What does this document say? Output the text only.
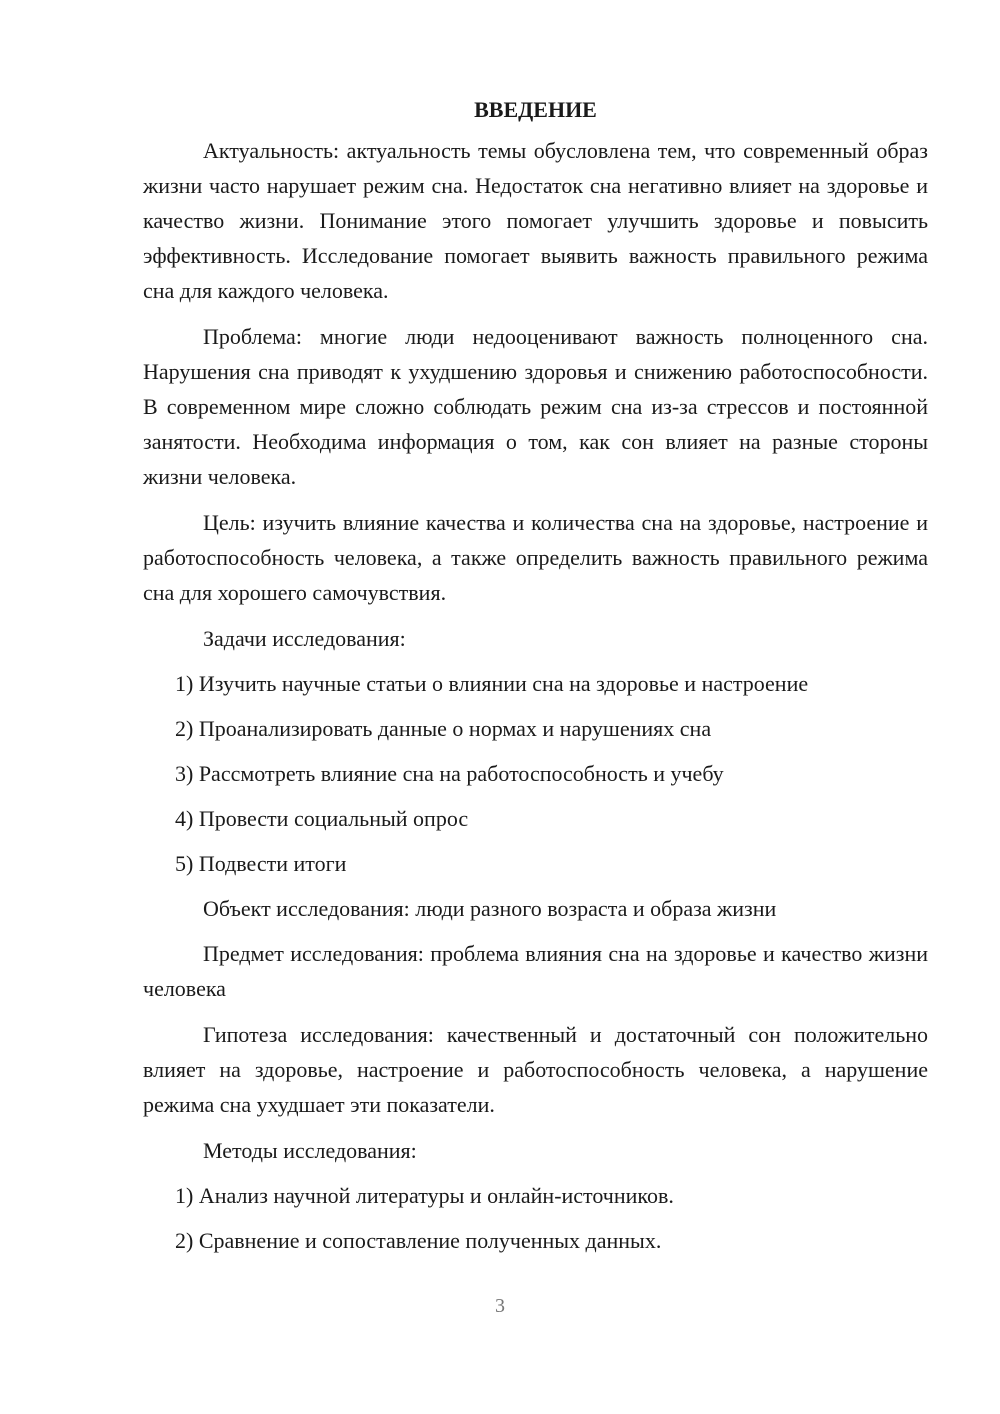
ВВЕДЕНИЕ

Актуальность: актуальность темы обусловлена тем, что современный образ жизни часто нарушает режим сна. Недостаток сна негативно влияет на здоровье и качество жизни. Понимание этого помогает улучшить здоровье и повысить эффективность. Исследование помогает выявить важность правильного режима сна для каждого человека.

Проблема: многие люди недооценивают важность полноценного сна. Нарушения сна приводят к ухудшению здоровья и снижению работоспособности. В современном мире сложно соблюдать режим сна из-за стрессов и постоянной занятости. Необходима информация о том, как сон влияет на разные стороны жизни человека.

Цель: изучить влияние качества и количества сна на здоровье, настроение и работоспособность человека, а также определить важность правильного режима сна для хорошего самочувствия.

Задачи исследования:

1) Изучить научные статьи о влиянии сна на здоровье и настроение
2) Проанализировать данные о нормах и нарушениях сна
3) Рассмотреть влияние сна на работоспособность и учебу
4) Провести социальный опрос
5) Подвести итоги

Объект исследования: люди разного возраста и образа жизни

Предмет исследования: проблема влияния сна на здоровье и качество жизни человека

Гипотеза исследования: качественный и достаточный сон положительно влияет на здоровье, настроение и работоспособность человека, а нарушение режима сна ухудшает эти показатели.

Методы исследования:

1) Анализ научной литературы и онлайн-источников.
2) Сравнение и сопоставление полученных данных.
3
